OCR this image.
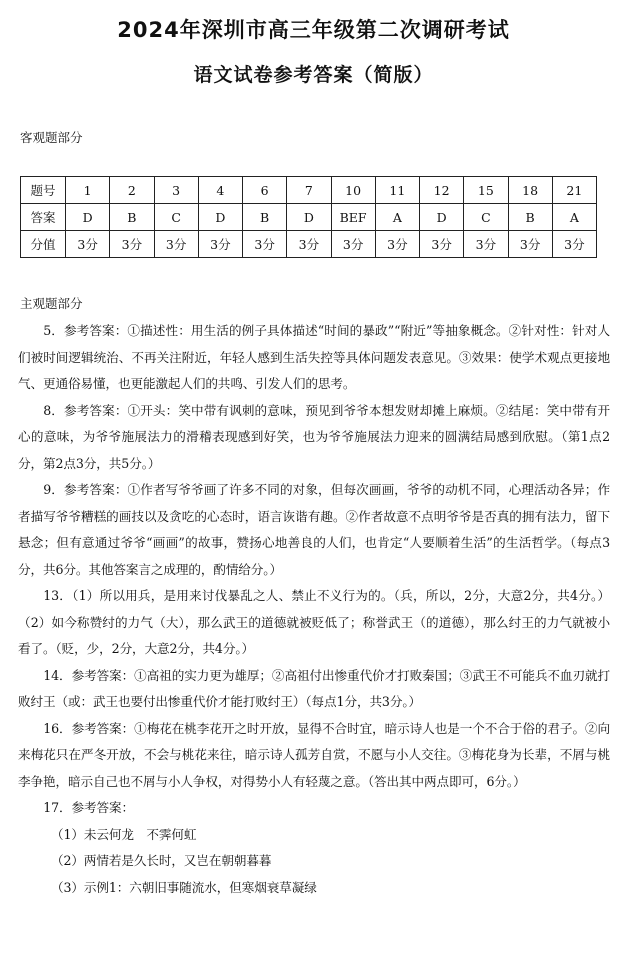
2024年深圳市高三年级第二次调研考试
语文试卷参考答案（简版）
客观题部分
题号	1	2	3	4	6	7	10	11	12	15	18	21
答案	D	B	C	D	B	D	BEF	A	D	C	B	A
分值	3分	3分	3分	3分	3分	3分	3分	3分	3分	3分	3分	3分
主观题部分

5．参考答案：①描述性：用生活的例子具体描述“时间的暴政”“附近”等抽象概念。②针对性：针对人们被时间逻辑统治、不再关注附近，年轻人感到生活失控等具体问题发表意见。③效果：使学术观点更接地气、更通俗易懂，也更能激起人们的共鸣、引发人们的思考。

8．参考答案：①开头：笑中带有讽刺的意味，预见到爷爷本想发财却摊上麻烦。②结尾：笑中带有开心的意味，为爷爷施展法力的滑稽表现感到好笑，也为爷爷施展法力迎来的圆满结局感到欣慰。（第1点2分，第2点3分，共5分。）

9．参考答案：①作者写爷爷画了许多不同的对象，但每次画画，爷爷的动机不同，心理活动各异；作者描写爷爷糟糕的画技以及贪吃的心态时，语言诙谐有趣。②作者故意不点明爷爷是否真的拥有法力，留下悬念；但有意通过爷爷“画画”的故事，赞扬心地善良的人们，也肯定“人要顺着生活”的生活哲学。（每点3分，共6分。其他答案言之成理的，酌情给分。）

13．（1）所以用兵，是用来讨伐暴乱之人、禁止不义行为的。（兵，所以，2分，大意2分，共4分。）（2）如今称赞纣的力气（大），那么武王的道德就被贬低了；称誉武王（的道德），那么纣王的力气就被小看了。（贬，少，2分，大意2分，共4分。）

14．参考答案：①高祖的实力更为雄厚；②高祖付出惨重代价才打败秦国；③武王不可能兵不血刃就打败纣王（或：武王也要付出惨重代价才能打败纣王）（每点1分，共3分。）

16．参考答案：①梅花在桃李花开之时开放，显得不合时宜，暗示诗人也是一个不合于俗的君子。②向来梅花只在严冬开放，不会与桃花来往，暗示诗人孤芳自赏，不愿与小人交往。③梅花身为长辈，不屑与桃李争艳，暗示自己也不屑与小人争权，对得势小人有轻蔑之意。（答出其中两点即可，6分。）

17．参考答案：

（1）未云何龙　不霁何虹

（2）两情若是久长时，又岂在朝朝暮暮

（3）示例1：六朝旧事随流水，但寒烟衰草凝绿
